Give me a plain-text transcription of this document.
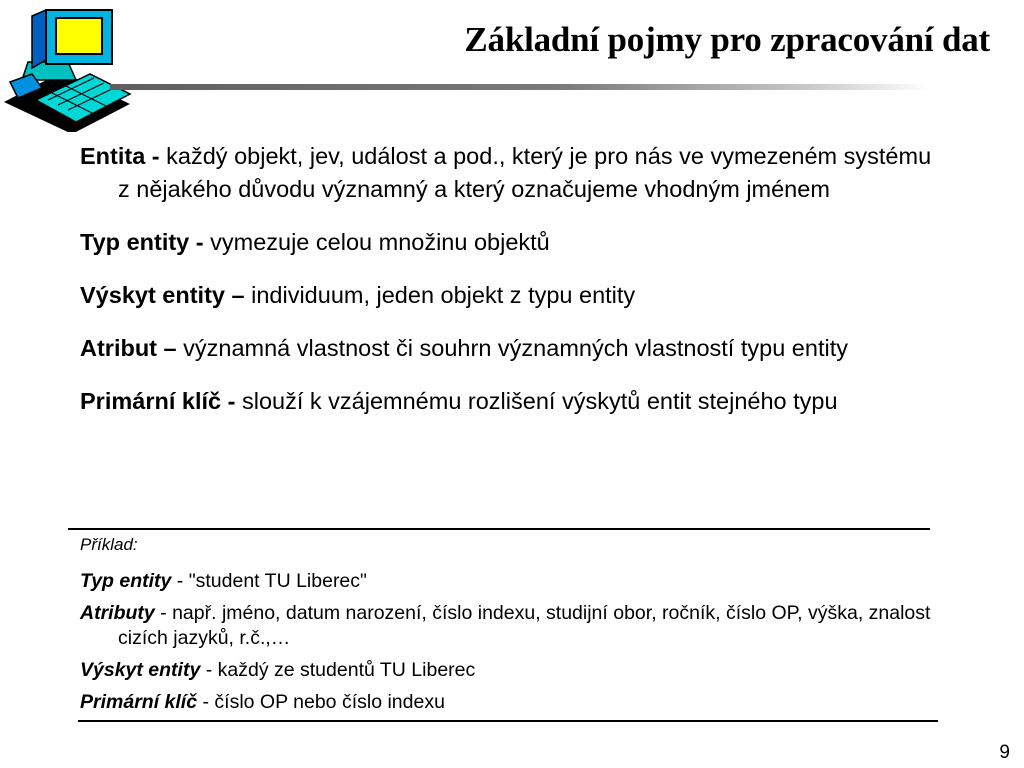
Základní pojmy pro zpracování dat
Entita - každý objekt, jev, událost a pod., který je pro nás ve vymezeném systému z nějakého důvodu významný a který označujeme vhodným jménem
Typ entity - vymezuje celou množinu objektů
Výskyt entity – individuum, jeden objekt z typu entity
Atribut – významná vlastnost či souhrn významných vlastností typu entity
Primární klíč - slouží k vzájemnému rozlišení výskytů entit stejného typu
Příklad:
Typ entity - "student TU Liberec"
Atributy - např. jméno, datum narození, číslo indexu, studijní obor, ročník, číslo OP, výška, znalost cizích jazyků, r.č.,…
Výskyt entity - každý ze studentů TU Liberec
Primární klíč - číslo OP nebo číslo indexu
9
